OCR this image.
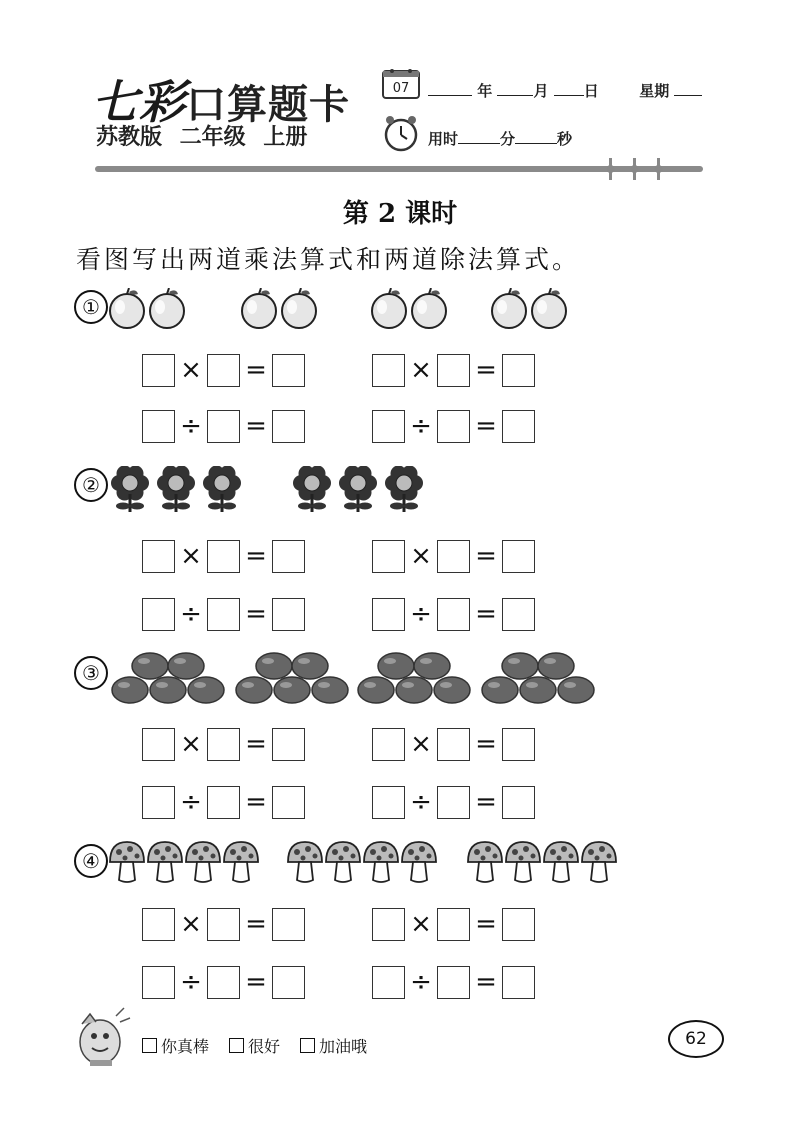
七彩口算题卡
苏教版 二年级 上册
07	年	月 日	星期
用时	分	秒
第 2 课时
看图写出两道乘法算式和两道除法算式。
①
× =	× =
÷ =	÷ =
②
× =	× =
÷ =	÷ =
③
× =	× =
÷ =	÷ =
④
× =	× =
÷ =	÷ =
你真棒 很好 加油哦	62
